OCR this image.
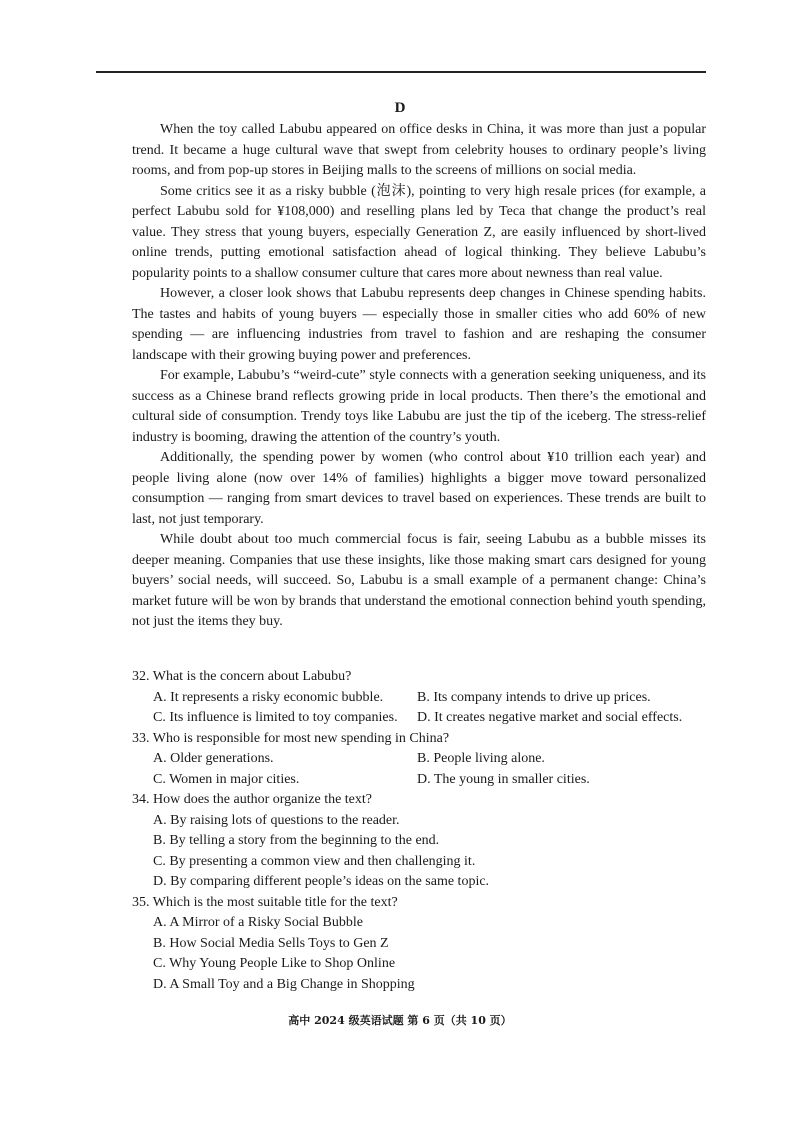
D

When the toy called Labubu appeared on office desks in China, it was more than just a popular trend. It became a huge cultural wave that swept from celebrity houses to ordinary people’s living rooms, and from pop-up stores in Beijing malls to the screens of millions on social media.

Some critics see it as a risky bubble (泡沫), pointing to very high resale prices (for example, a perfect Labubu sold for ¥108,000) and reselling plans led by Teca that change the product’s real value. They stress that young buyers, especially Generation Z, are easily influenced by short-lived online trends, putting emotional satisfaction ahead of logical thinking. They believe Labubu’s popularity points to a shallow consumer culture that cares more about newness than real value.

However, a closer look shows that Labubu represents deep changes in Chinese spending habits. The tastes and habits of young buyers — especially those in smaller cities who add 60% of new spending — are influencing industries from travel to fashion and are reshaping the consumer landscape with their growing buying power and preferences.

For example, Labubu’s “weird-cute” style connects with a generation seeking uniqueness, and its success as a Chinese brand reflects growing pride in local products. Then there’s the emotional and cultural side of consumption. Trendy toys like Labubu are just the tip of the iceberg. The stress-relief industry is booming, drawing the attention of the country’s youth.

Additionally, the spending power by women (who control about ¥10 trillion each year) and people living alone (now over 14% of families) highlights a bigger move toward personalized consumption — ranging from smart devices to travel based on experiences. These trends are built to last, not just temporary.

While doubt about too much commercial focus is fair, seeing Labubu as a bubble misses its deeper meaning. Companies that use these insights, like those making smart cars designed for young buyers’ social needs, will succeed. So, Labubu is a small example of a permanent change: China’s market future will be won by brands that understand the emotional connection behind youth spending, not just the items they buy.

32. What is the concern about Labubu?

A. It represents a risky economic bubble.	B. Its company intends to drive up prices.

C. Its influence is limited to toy companies.	D. It creates negative market and social effects.

33. Who is responsible for most new spending in China?

A. Older generations.	B. People living alone.

C. Women in major cities.	D. The young in smaller cities.

34. How does the author organize the text?

A. By raising lots of questions to the reader.

B. By telling a story from the beginning to the end.

C. By presenting a common view and then challenging it.

D. By comparing different people’s ideas on the same topic.

35. Which is the most suitable title for the text?

A. A Mirror of a Risky Social Bubble

B. How Social Media Sells Toys to Gen Z

C. Why Young People Like to Shop Online

D. A Small Toy and a Big Change in Shopping

高中 2024 级英语试题 第 6 页（共 10 页）
